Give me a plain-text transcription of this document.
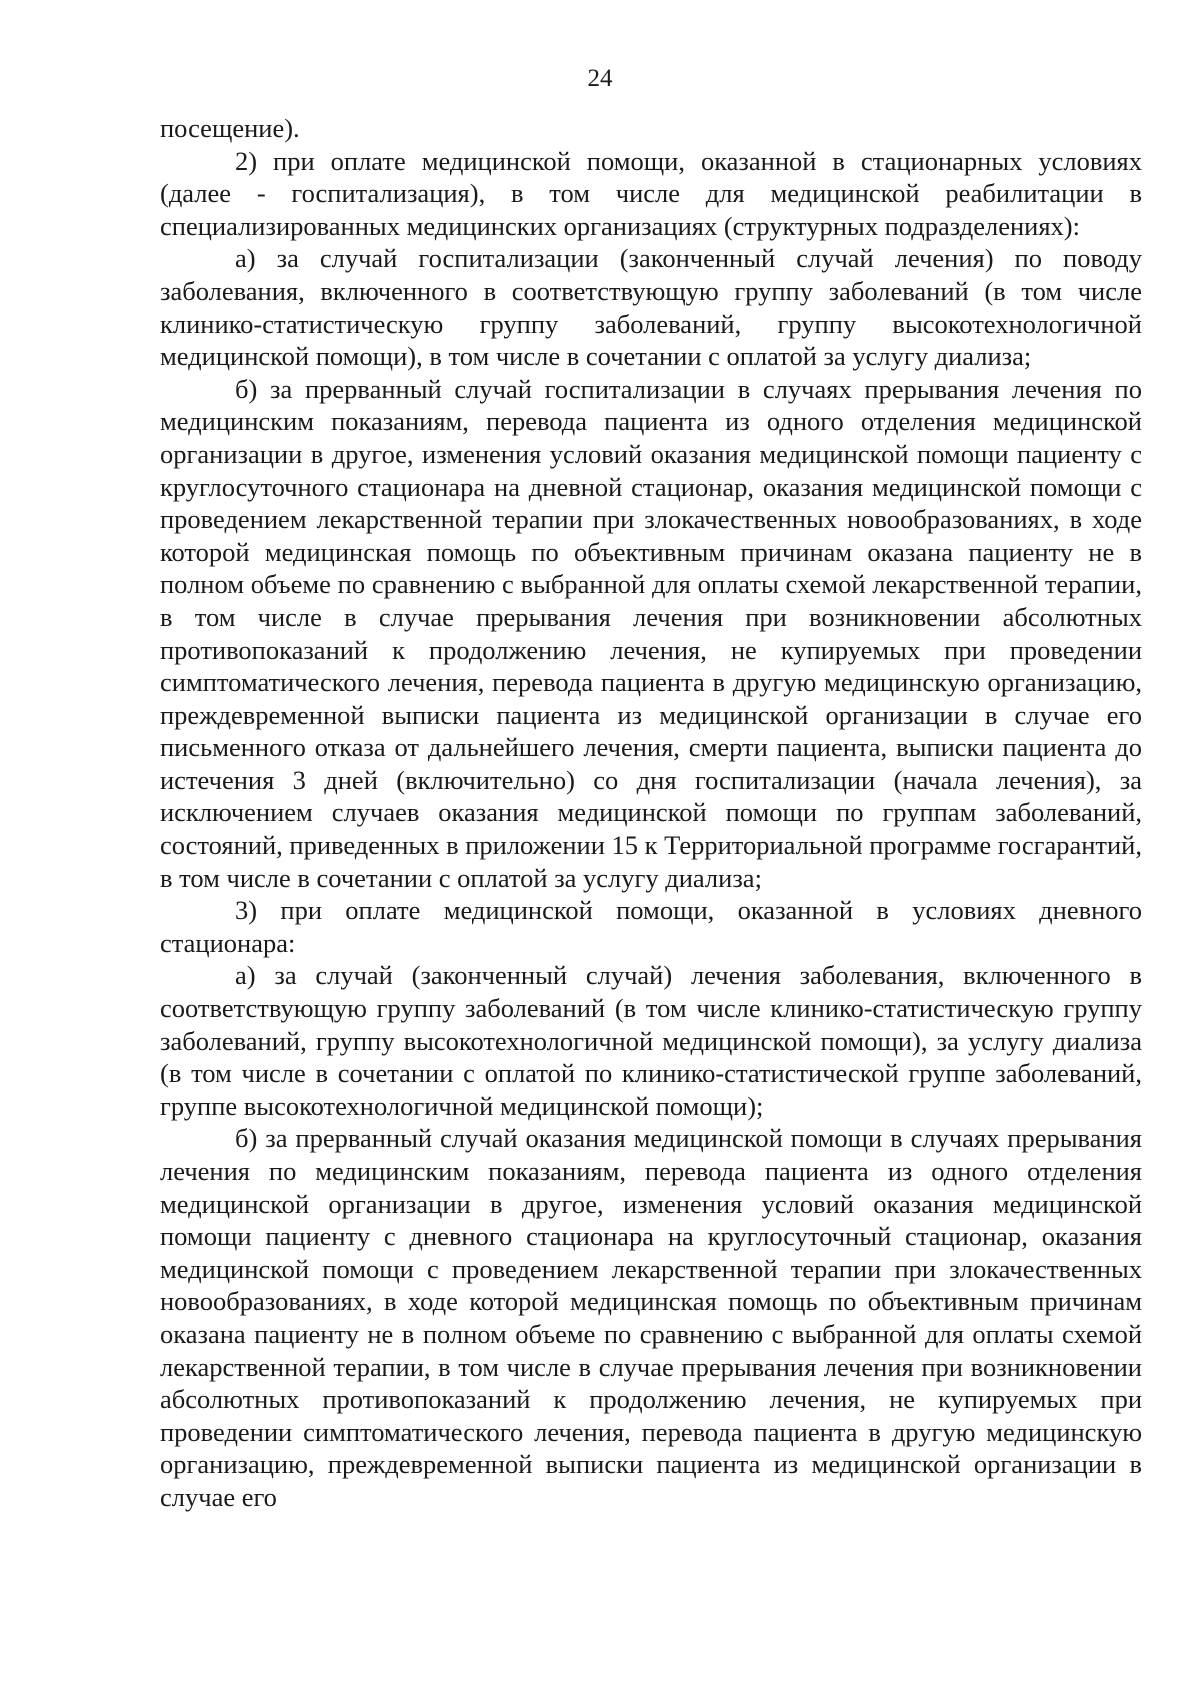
24

посещение).

2) при оплате медицинской помощи, оказанной в стационарных условиях (далее - госпитализация), в том числе для медицинской реабилитации в специализированных медицинских организациях (структурных подразделениях):

а) за случай госпитализации (законченный случай лечения) по поводу заболевания, включенного в соответствующую группу заболеваний (в том числе клинико-статистическую группу заболеваний, группу высокотехнологичной медицинской помощи), в том числе в сочетании с оплатой за услугу диализа;

б) за прерванный случай госпитализации в случаях прерывания лечения по медицинским показаниям, перевода пациента из одного отделения медицинской организации в другое, изменения условий оказания медицинской помощи пациенту с круглосуточного стационара на дневной стационар, оказания медицинской помощи с проведением лекарственной терапии при злокачественных новообразованиях, в ходе которой медицинская помощь по объективным причинам оказана пациенту не в полном объеме по сравнению с выбранной для оплаты схемой лекарственной терапии, в том числе в случае прерывания лечения при возникновении абсолютных противопоказаний к продолжению лечения, не купируемых при проведении симптоматического лечения, перевода пациента в другую медицинскую организацию, преждевременной выписки пациента из медицинской организации в случае его письменного отказа от дальнейшего лечения, смерти пациента, выписки пациента до истечения 3 дней (включительно) со дня госпитализации (начала лечения), за исключением случаев оказания медицинской помощи по группам заболеваний, состояний, приведенных в приложении 15 к Территориальной программе госгарантий, в том числе в сочетании с оплатой за услугу диализа;

3) при оплате медицинской помощи, оказанной в условиях дневного стационара:

а) за случай (законченный случай) лечения заболевания, включенного в соответствующую группу заболеваний (в том числе клинико-статистическую группу заболеваний, группу высокотехнологичной медицинской помощи), за услугу диализа (в том числе в сочетании с оплатой по клинико-статистической группе заболеваний, группе высокотехнологичной медицинской помощи);

б) за прерванный случай оказания медицинской помощи в случаях прерывания лечения по медицинским показаниям, перевода пациента из одного отделения медицинской организации в другое, изменения условий оказания медицинской помощи пациенту с дневного стационара на круглосуточный стационар, оказания медицинской помощи с проведением лекарственной терапии при злокачественных новообразованиях, в ходе которой медицинская помощь по объективным причинам оказана пациенту не в полном объеме по сравнению с выбранной для оплаты схемой лекарственной терапии, в том числе в случае прерывания лечения при возникновении абсолютных противопоказаний к продолжению лечения, не купируемых при проведении симптоматического лечения, перевода пациента в другую медицинскую организацию, преждевременной выписки пациента из медицинской организации в случае его
